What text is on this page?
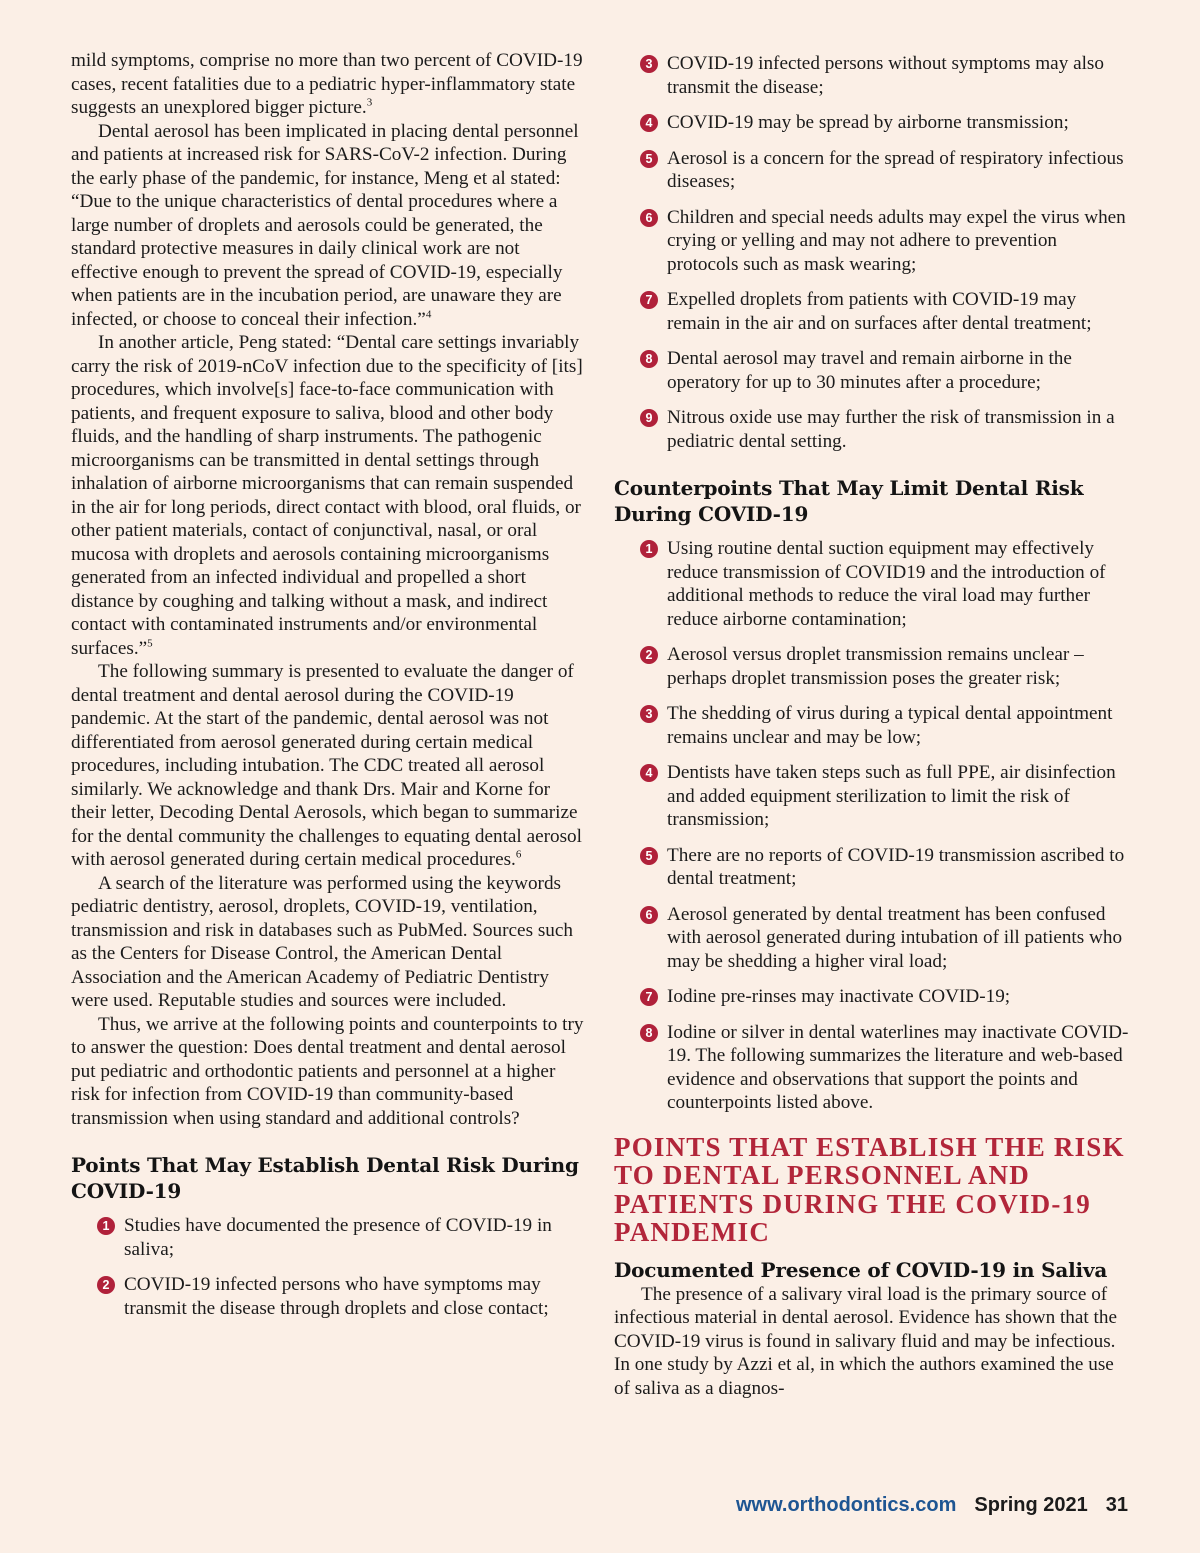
mild symptoms, comprise no more than two percent of COVID-19 cases, recent fatalities due to a pediatric hyper-inflammatory state suggests an unexplored bigger picture.$^3$

Dental aerosol has been implicated in placing dental personnel and patients at increased risk for SARS-CoV-2 infection. During the early phase of the pandemic, for instance, Meng et al stated: “Due to the unique characteristics of dental procedures where a large number of droplets and aerosols could be generated, the standard protective measures in daily clinical work are not effective enough to prevent the spread of COVID-19, especially when patients are in the incubation period, are unaware they are infected, or choose to conceal their infection.”$^4$

In another article, Peng stated: “Dental care settings invariably carry the risk of 2019-nCoV infection due to the specificity of [its] procedures, which involve[s] face-to-face communication with patients, and frequent exposure to saliva, blood and other body fluids, and the handling of sharp instruments. The pathogenic microorganisms can be transmitted in dental settings through inhalation of airborne microorganisms that can remain suspended in the air for long periods, direct contact with blood, oral fluids, or other patient materials, contact of conjunctival, nasal, or oral mucosa with droplets and aerosols containing microorganisms generated from an infected individual and propelled a short distance by coughing and talking without a mask, and indirect contact with contaminated instruments and/or environmental surfaces.”$^5$

The following summary is presented to evaluate the danger of dental treatment and dental aerosol during the COVID-19 pandemic. At the start of the pandemic, dental aerosol was not differentiated from aerosol generated during certain medical procedures, including intubation. The CDC treated all aerosol similarly. We acknowledge and thank Drs. Mair and Korne for their letter, Decoding Dental Aerosols, which began to summarize for the dental community the challenges to equating dental aerosol with aerosol generated during certain medical procedures.$^6$

A search of the literature was performed using the keywords pediatric dentistry, aerosol, droplets, COVID-19, ventilation, transmission and risk in databases such as PubMed. Sources such as the Centers for Disease Control, the American Dental Association and the American Academy of Pediatric Dentistry were used. Reputable studies and sources were included.

Thus, we arrive at the following points and counterpoints to try to answer the question: Does dental treatment and dental aerosol put pediatric and orthodontic patients and personnel at a higher risk for infection from COVID-19 than community-based transmission when using standard and additional controls?

Points That May Establish Dental Risk During COVID-19
1 Studies have documented the presence of COVID-19 in saliva;
2 COVID-19 infected persons who have symptoms may transmit the disease through droplets and close contact;
3 COVID-19 infected persons without symptoms may also transmit the disease;
4 COVID-19 may be spread by airborne transmission;
5 Aerosol is a concern for the spread of respiratory infectious diseases;
6 Children and special needs adults may expel the virus when crying or yelling and may not adhere to prevention protocols such as mask wearing;
7 Expelled droplets from patients with COVID-19 may remain in the air and on surfaces after dental treatment;
8 Dental aerosol may travel and remain airborne in the operatory for up to 30 minutes after a procedure;
9 Nitrous oxide use may further the risk of transmission in a pediatric dental setting.
Counterpoints That May Limit Dental Risk During COVID-19
1 Using routine dental suction equipment may effectively reduce transmission of COVID19 and the introduction of additional methods to reduce the viral load may further reduce airborne contamination;
2 Aerosol versus droplet transmission remains unclear – perhaps droplet transmission poses the greater risk;
3 The shedding of virus during a typical dental appointment remains unclear and may be low;
4 Dentists have taken steps such as full PPE, air disinfection and added equipment sterilization to limit the risk of transmission;
5 There are no reports of COVID-19 transmission ascribed to dental treatment;
6 Aerosol generated by dental treatment has been confused with aerosol generated during intubation of ill patients who may be shedding a higher viral load;
7 Iodine pre-rinses may inactivate COVID-19;
8 Iodine or silver in dental waterlines may inactivate COVID-19. The following summarizes the literature and web-based evidence and observations that support the points and counterpoints listed above.
POINTS THAT ESTABLISH THE RISK TO DENTAL PERSONNEL AND PATIENTS DURING THE COVID-19 PANDEMIC
Documented Presence of COVID-19 in Saliva

The presence of a salivary viral load is the primary source of infectious material in dental aerosol. Evidence has shown that the COVID-19 virus is found in salivary fluid and may be infectious. In one study by Azzi et al, in which the authors examined the use of saliva as a diagnos-

www.orthodontics.com Spring 2021 31
